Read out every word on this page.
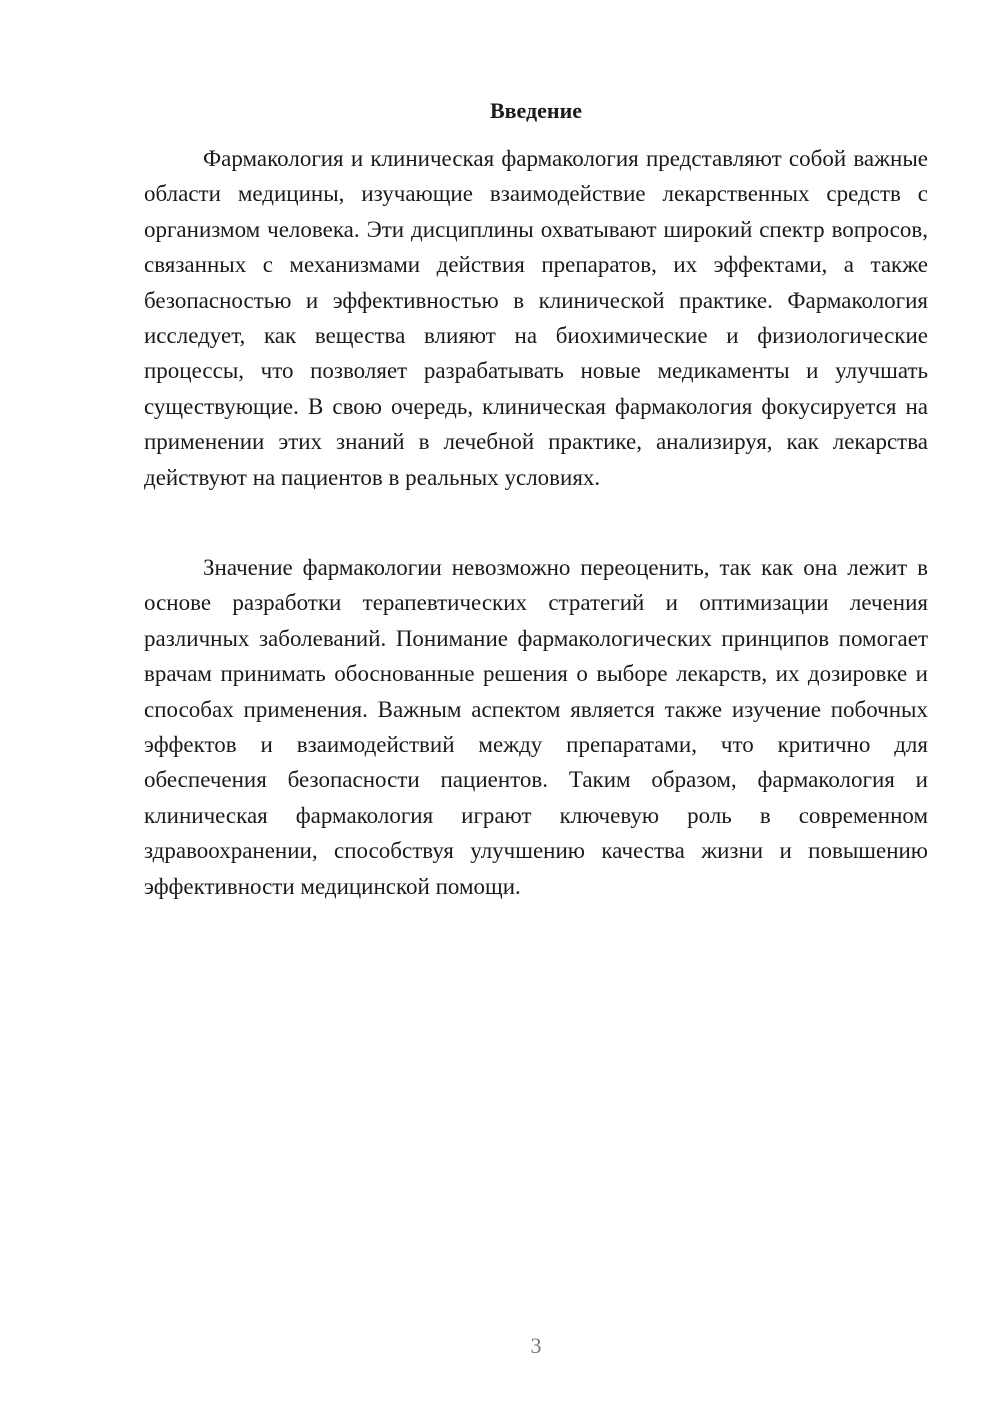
Введение

Фармакология и клиническая фармакология представляют собой важные области медицины, изучающие взаимодействие лекарственных средств с организмом человека. Эти дисциплины охватывают широкий спектр вопросов, связанных с механизмами действия препаратов, их эффектами, а также безопасностью и эффективностью в клинической практике. Фармакология исследует, как вещества влияют на биохимические и физиологические процессы, что позволяет разрабатывать новые медикаменты и улучшать существующие. В свою очередь, клиническая фармакология фокусируется на применении этих знаний в лечебной практике, анализируя, как лекарства действуют на пациентов в реальных условиях.

Значение фармакологии невозможно переоценить, так как она лежит в основе разработки терапевтических стратегий и оптимизации лечения различных заболеваний. Понимание фармакологических принципов помогает врачам принимать обоснованные решения о выборе лекарств, их дозировке и способах применения. Важным аспектом является также изучение побочных эффектов и взаимодействий между препаратами, что критично для обеспечения безопасности пациентов. Таким образом, фармакология и клиническая фармакология играют ключевую роль в современном здравоохранении, способствуя улучшению качества жизни и повышению эффективности медицинской помощи.

3
